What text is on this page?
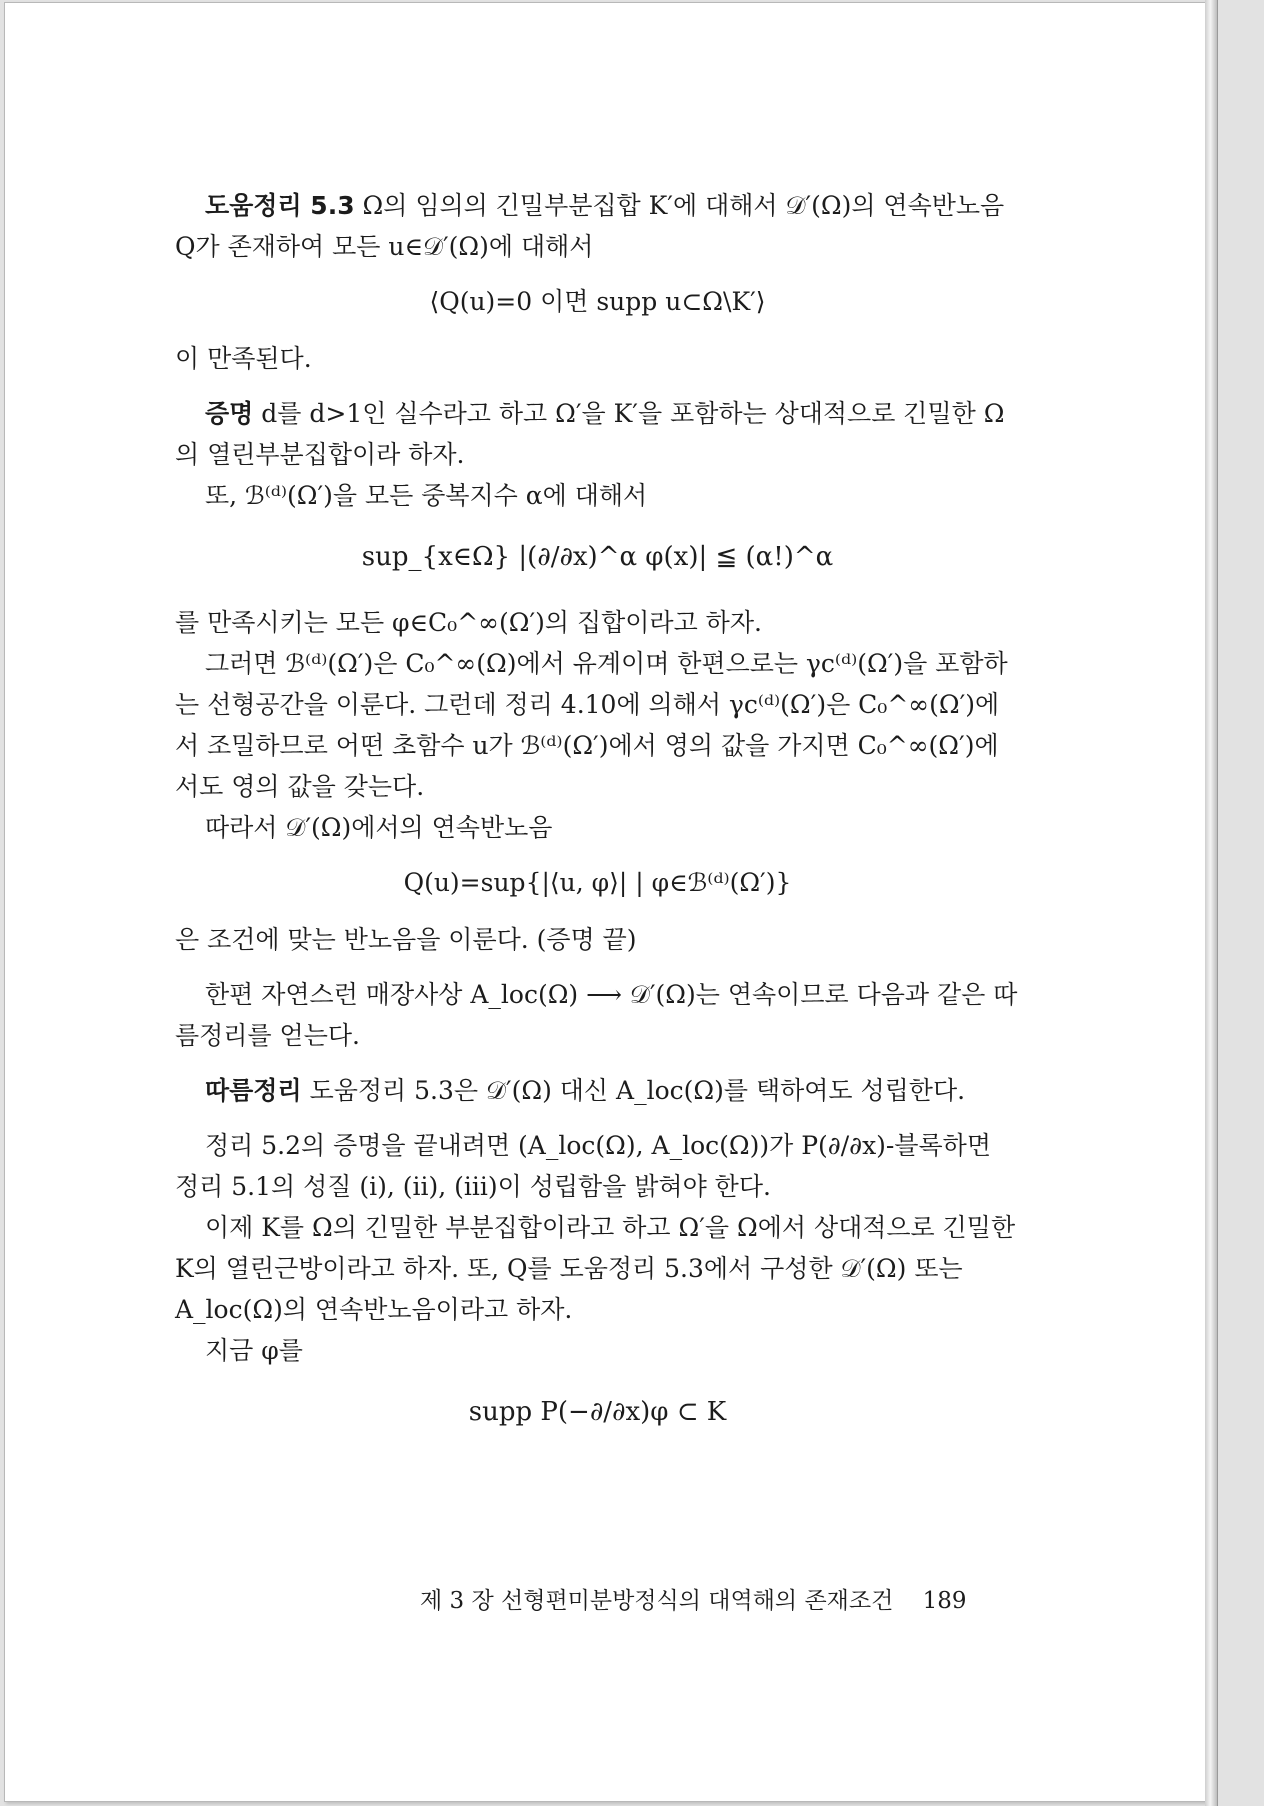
도움정리 5.3 Ω의 임의의 긴밀부분집합 K′에 대해서 𝒟′(Ω)의 연속반노음 Q가 존재하여 모든 u∈𝒟′(Ω)에 대해서

⟨Q(u)=0 이면 supp u⊂Ω\K′⟩

이 만족된다.

증명 d를 d>1인 실수라고 하고 Ω′을 K′을 포함하는 상대적으로 긴밀한 Ω의 열린부분집합이라 하자.

또, ℬ⁽ᵈ⁾(Ω′)을 모든 중복지수 α에 대해서

sup_{x∈Ω} |(∂/∂x)^α φ(x)| ≦ (α!)^α

를 만족시키는 모든 φ∈C₀^∞(Ω′)의 집합이라고 하자.

그러면 ℬ⁽ᵈ⁾(Ω′)은 C₀^∞(Ω)에서 유계이며 한편으로는 γc⁽ᵈ⁾(Ω′)을 포함하는 선형공간을 이룬다. 그런데 정리 4.10에 의해서 γc⁽ᵈ⁾(Ω′)은 C₀^∞(Ω′)에서 조밀하므로 어떤 초함수 u가 ℬ⁽ᵈ⁾(Ω′)에서 영의 값을 가지면 C₀^∞(Ω′)에서도 영의 값을 갖는다.

따라서 𝒟′(Ω)에서의 연속반노음

Q(u)=sup{|⟨u, φ⟩| | φ∈ℬ⁽ᵈ⁾(Ω′)}

은 조건에 맞는 반노음을 이룬다. (증명 끝)

한편 자연스런 매장사상 A_loc(Ω) ⟶ 𝒟′(Ω)는 연속이므로 다음과 같은 따름정리를 얻는다.

따름정리 도움정리 5.3은 𝒟′(Ω) 대신 A_loc(Ω)를 택하여도 성립한다.

정리 5.2의 증명을 끝내려면 (A_loc(Ω), A_loc(Ω))가 P(∂/∂x)-블록하면 정리 5.1의 성질 (i), (ii), (iii)이 성립함을 밝혀야 한다.

이제 K를 Ω의 긴밀한 부분집합이라고 하고 Ω′을 Ω에서 상대적으로 긴밀한 K의 열린근방이라고 하자. 또, Q를 도움정리 5.3에서 구성한 𝒟′(Ω) 또는 A_loc(Ω)의 연속반노음이라고 하자.

지금 φ를

supp P(−∂/∂x)φ ⊂ K

제 3 장 선형편미분방정식의 대역해의 존재조건 189
